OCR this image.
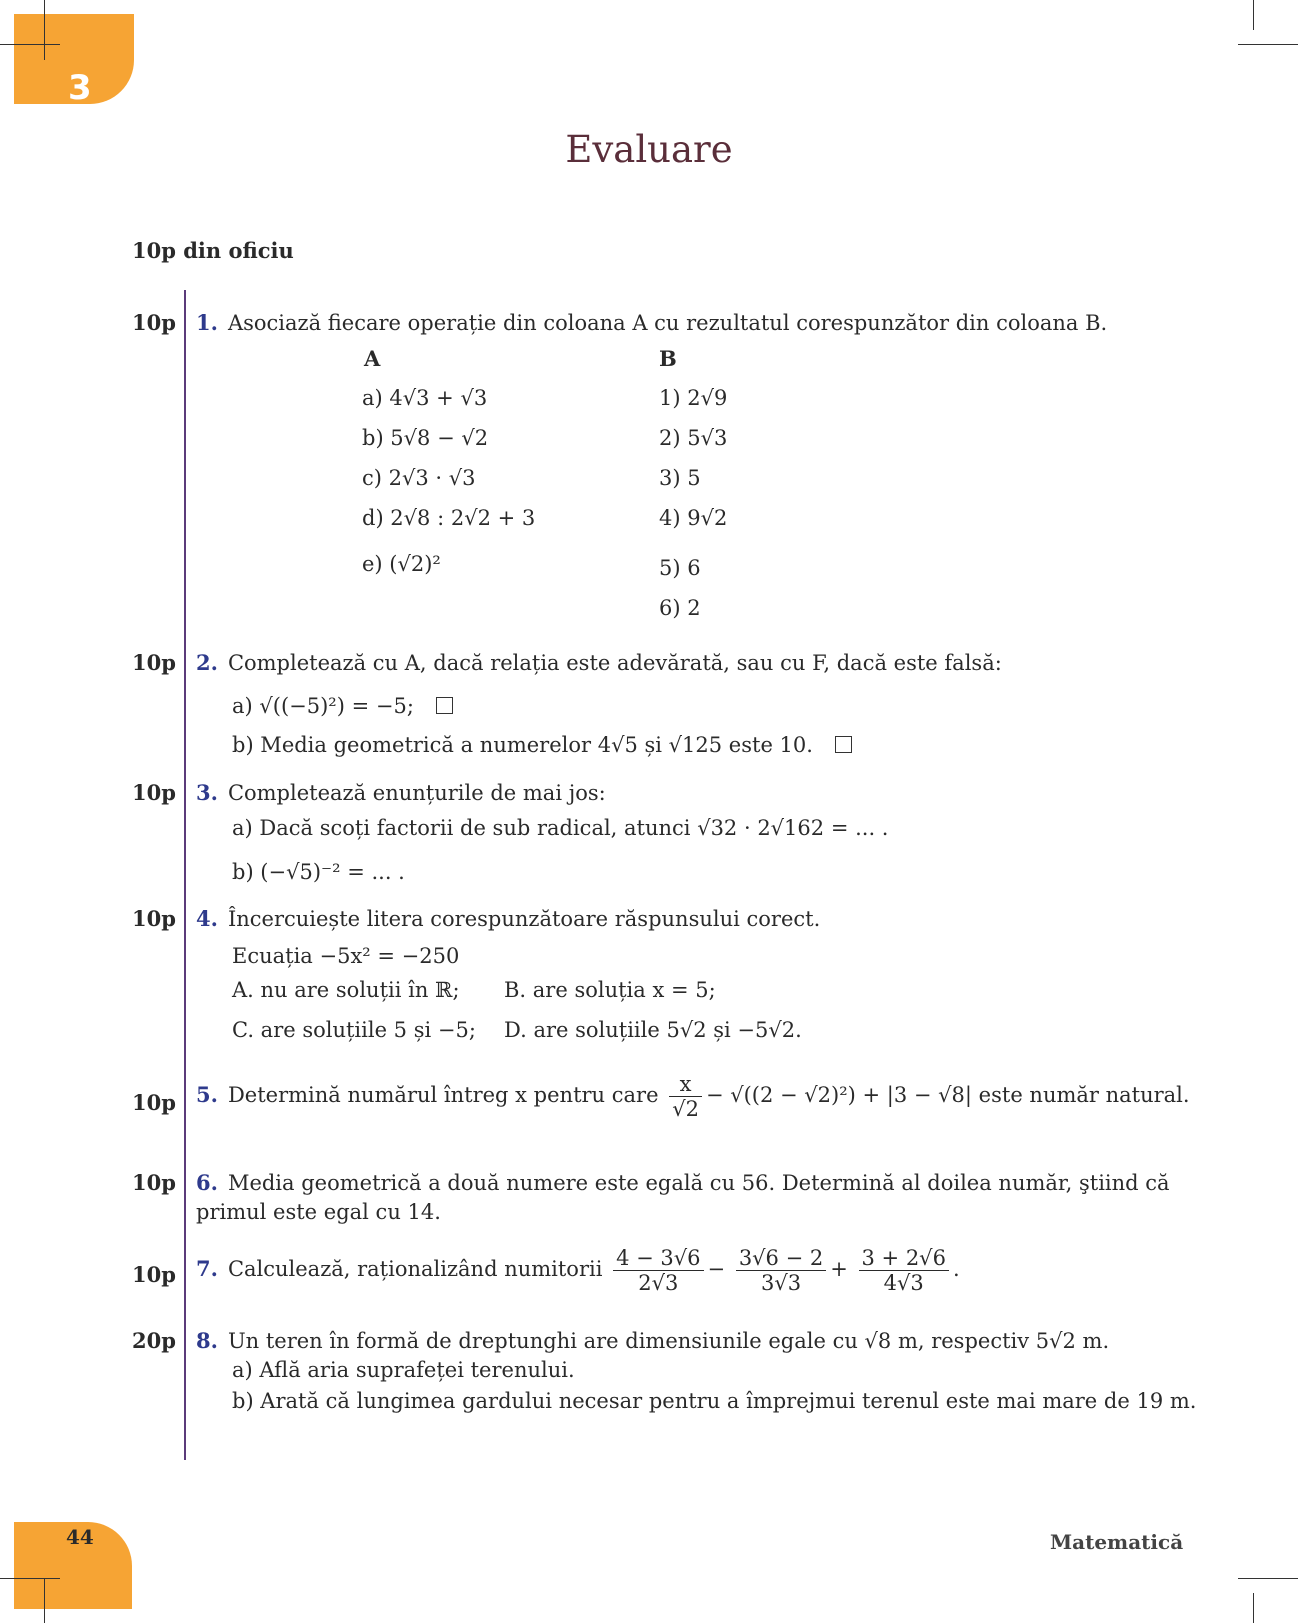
3
Evaluare
10p din oficiu
10p 1. Asociază fiecare operație din coloana A cu rezultatul corespunzător din coloana B.
A	B
a) 4√3 + √3
b) 5√8 − √2
c) 2√3 · √3
d) 2√8 : 2√2 + 3
e) (√2)²
1) 2√9
2) 5√3
3) 5
4) 9√2
5) 6
6) 2
10p 2. Completează cu A, dacă relația este adevărată, sau cu F, dacă este falsă:
a) √((−5)²) = −5;
b) Media geometrică a numerelor 4√5 și √125 este 10.
10p 3. Completează enunțurile de mai jos:
a) Dacă scoți factorii de sub radical, atunci √32 · 2√162 = ... .
b) (−√5)⁻² = ... .
10p 4. Încercuiește litera corespunzătoare răspunsului corect.
Ecuația −5x² = −250
A. nu are soluții în ℝ; B. are soluția x = 5;
C. are soluțiile 5 și −5; D. are soluțiile 5√2 și −5√2.
10p 5. Determină numărul întreg x pentru care $\frac{x}{√2} - √((2 - √2)^2) + |3 - √8|$ este număr natural.
10p 6. Media geometrică a două numere este egală cu 56. Determină al doilea număr, ştiind că
primul este egal cu 14.
10p 7. Calculează, raționalizând numitorii $\frac{4 - 3√6}{2√3} - \frac{3√6 - 2}{3√3} + \frac{3 + 2√6}{4√3}$ .
20p 8. Un teren în formă de dreptunghi are dimensiunile egale cu √8 m, respectiv 5√2 m.
a) Află aria suprafeței terenului.
b) Arată că lungimea gardului necesar pentru a împrejmui terenul este mai mare de 19 m.
44	Matematică
